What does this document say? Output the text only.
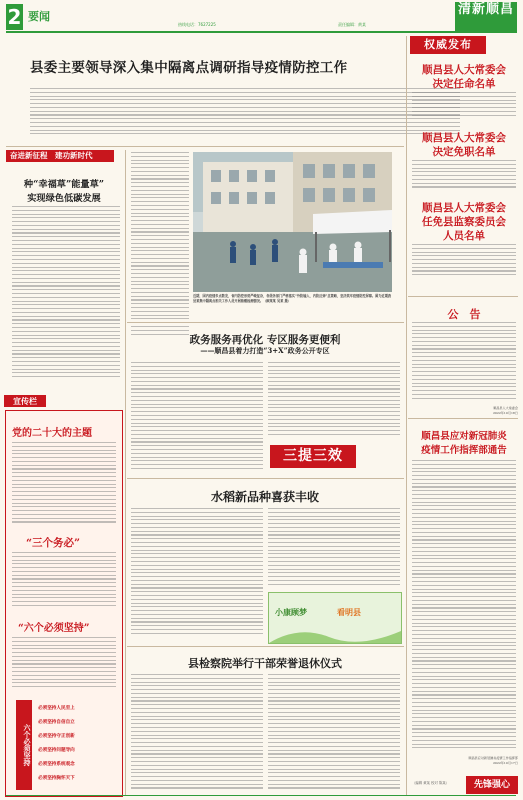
2 要闻
热线电话：7627225	责任编辑：黄某
清新顺昌
县委主要领导深入集中隔离点调研指导疫情防控工作
奋进新征程　建功新时代
种“幸福草”能量草”
实现绿色低碳发展
宣传栏
党的二十大的主题
“三个务必”
“六个必须坚持”
六个必须坚持
必须坚持人民至上
必须坚持自信自立
必须坚持守正创新
必须坚持问题导向
必须坚持系统观念
必须坚持胸怀天下
近期，国内疫情多点散发，省内防控形势严峻复杂，各级各部门严格落实“外防输入、内防反弹”总策略，坚决筑牢疫情防控屏障。图为近期我县某集中隔离点相关工作人员开展核酸检测情况。（顾某某 吴某 摄）
政务服务再优化 专区服务更便利
——顺昌县着力打造“3+X”政务公开专区
三提三效
水稻新品种喜获丰收
小康顾梦	看明县
县检察院举行干部荣誉退休仪式
权威发布
顺昌县人大常委会
决定任命名单
顺昌县人大常委会
决定免职名单
顺昌县人大常委会
任免县监察委员会
人员名单
公　告
顺昌县人大常委会
2022年10月18日
顺昌县应对新冠肺炎
疫情工作指挥部通告
顺昌县应对新冠肺炎疫情工作指挥部
2022年10月17日
（编辑 黄某 校对 陈某）	先锋强心
